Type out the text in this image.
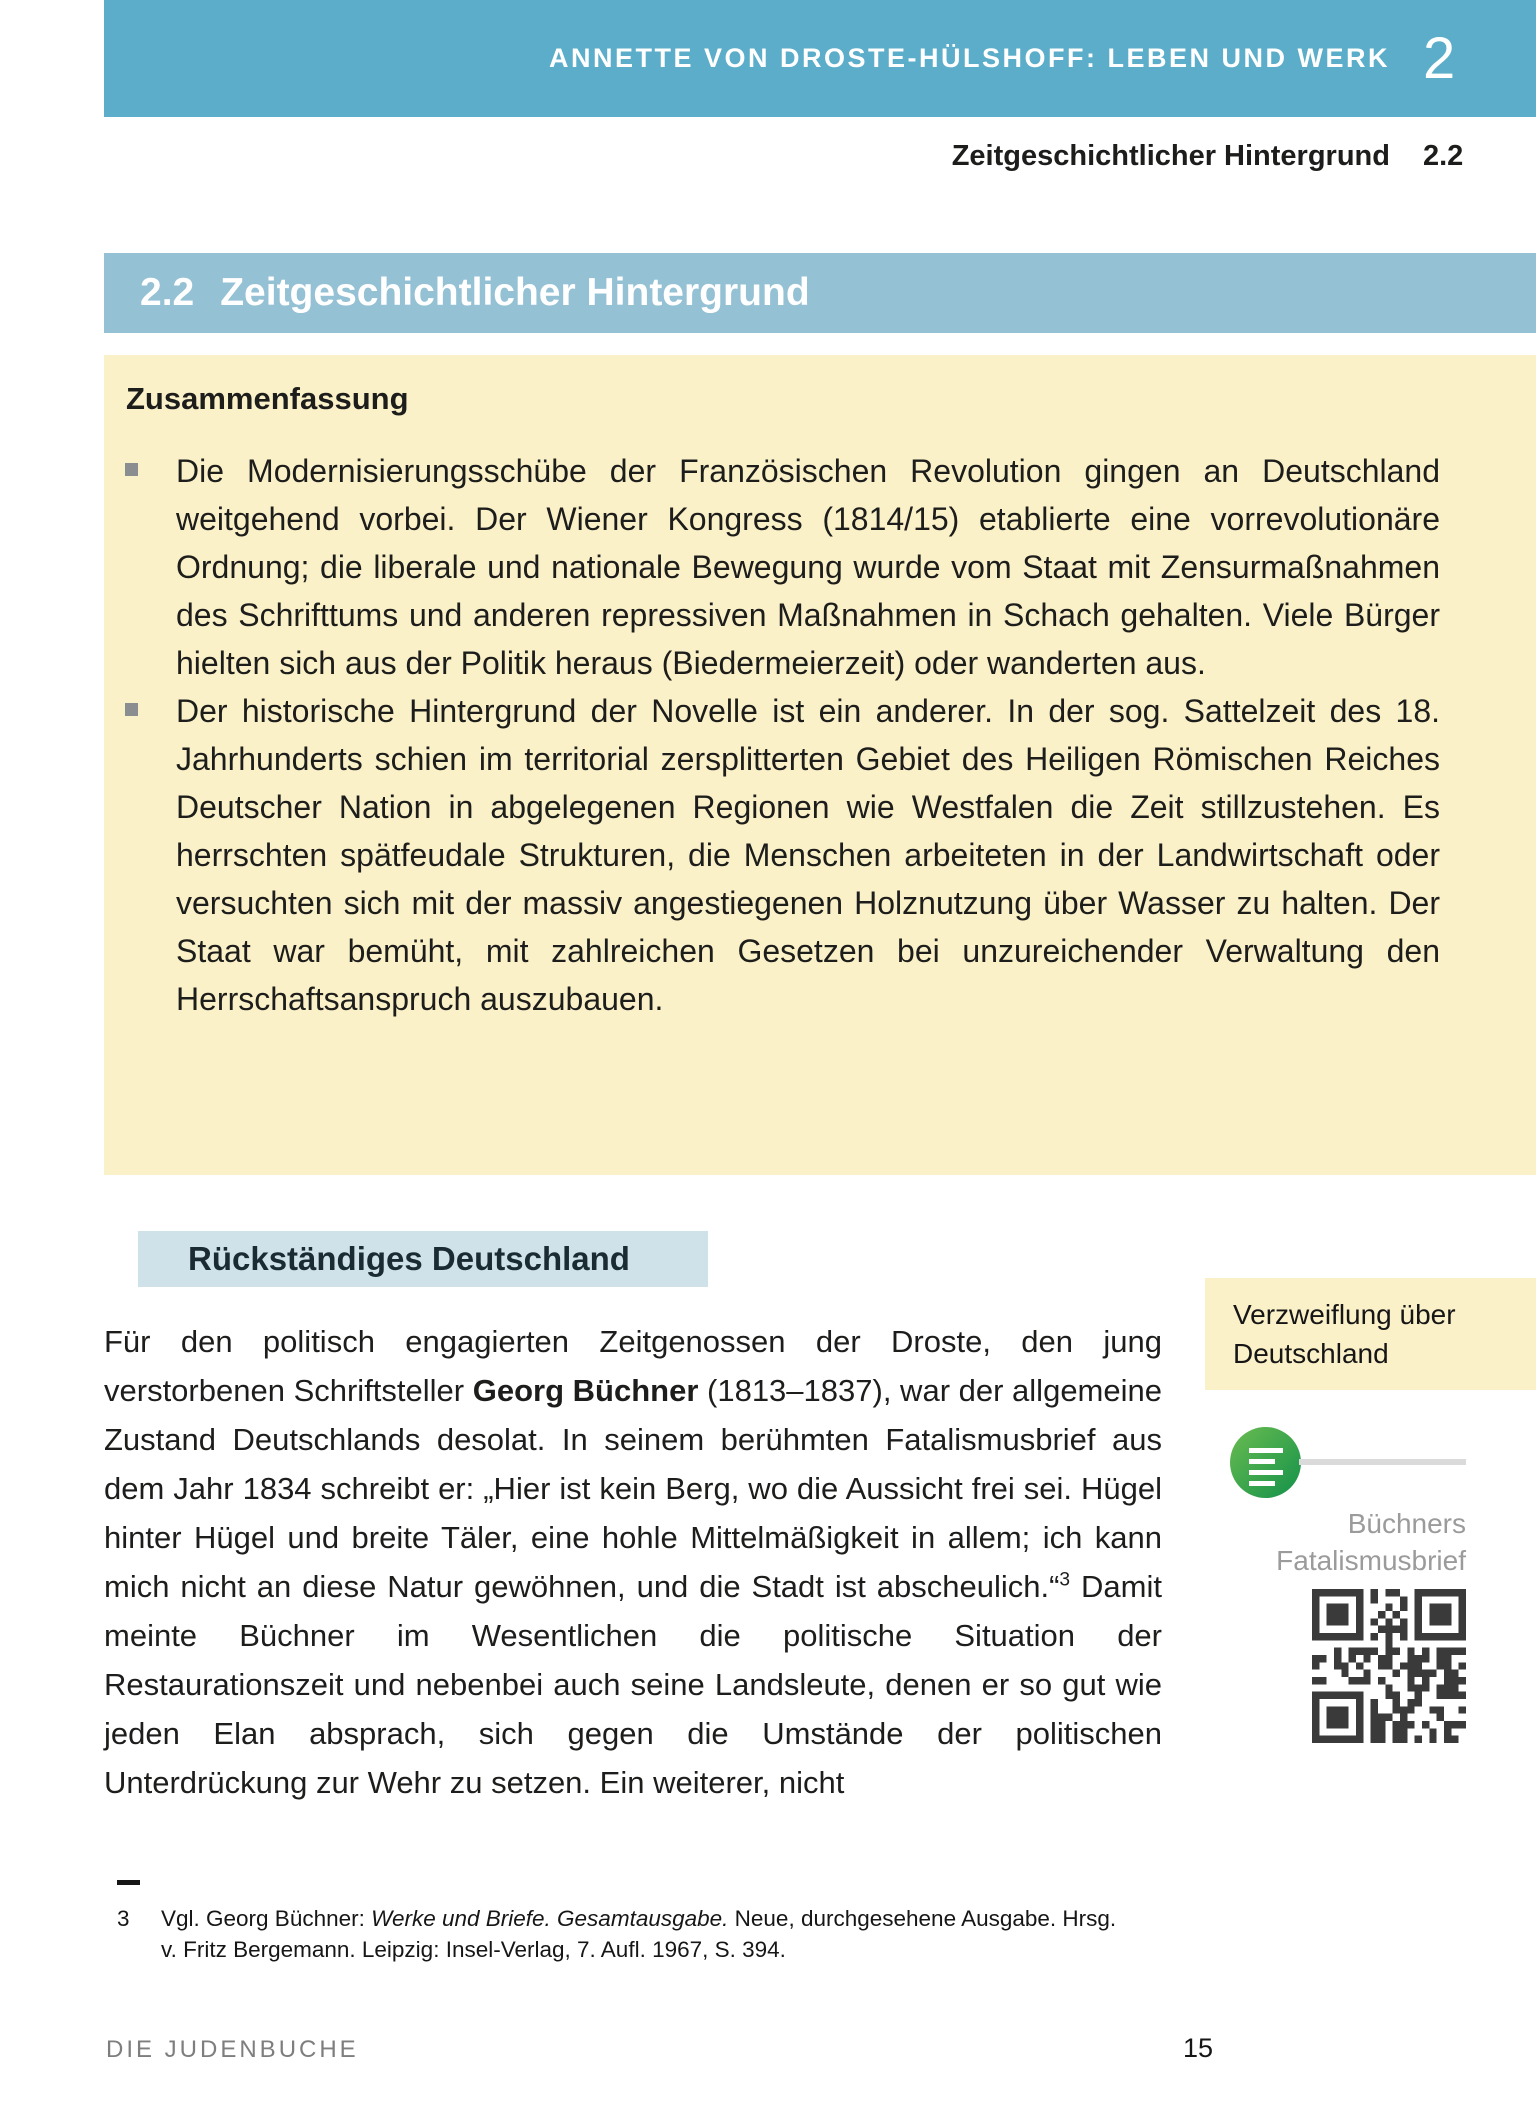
ANNETTE VON DROSTE-HÜLSHOFF: LEBEN UND WERK 2
Zeitgeschichtlicher Hintergrund	2.2
2.2 Zeitgeschichtlicher Hintergrund

Zusammenfassung

Die Modernisierungsschübe der Französischen Revolution gingen an Deutschland weitgehend vorbei. Der Wiener Kongress (1814/15) etablierte eine vorrevolutionäre Ordnung; die liberale und nationale Bewegung wurde vom Staat mit Zensurmaßnahmen des Schrifttums und anderen repressiven Maßnahmen in Schach gehalten. Viele Bürger hielten sich aus der Politik heraus (Biedermeierzeit) oder wanderten aus.
Der historische Hintergrund der Novelle ist ein anderer. In der sog. Sattelzeit des 18. Jahrhunderts schien im territorial zersplitterten Gebiet des Heiligen Römischen Reiches Deutscher Nation in abgelegenen Regionen wie Westfalen die Zeit stillzustehen. Es herrschten spätfeudale Strukturen, die Menschen arbeiteten in der Landwirtschaft oder versuchten sich mit der massiv angestiegenen Holznutzung über Wasser zu halten. Der Staat war bemüht, mit zahlreichen Gesetzen bei unzureichender Verwaltung den Herrschaftsanspruch auszubauen.
Rückständiges Deutschland

Für den politisch engagierten Zeitgenossen der Droste, den jung verstorbenen Schriftsteller Georg Büchner (1813–1837), war der allgemeine Zustand Deutschlands desolat. In seinem berühmten Fatalismusbrief aus dem Jahr 1834 schreibt er: „Hier ist kein Berg, wo die Aussicht frei sei. Hügel hinter Hügel und breite Täler, eine hohle Mittelmäßigkeit in allem; ich kann mich nicht an diese Natur gewöhnen, und die Stadt ist abscheulich.“$^3$ Damit meinte Büchner im Wesentlichen die politische Situation der Restaurationszeit und nebenbei auch seine Landsleute, denen er so gut wie jeden Elan absprach, sich gegen die Umstände der politischen Unterdrückung zur Wehr zu setzen. Ein weiterer, nicht

Verzweiflung über Deutschland
Büchners Fatalismusbrief
3 Vgl. Georg Büchner: Werke und Briefe. Gesamtausgabe. Neue, durchgesehene Ausgabe. Hrsg. v. Fritz Bergemann. Leipzig: Insel-Verlag, 7. Aufl. 1967, S. 394.
DIE JUDENBUCHE	15
